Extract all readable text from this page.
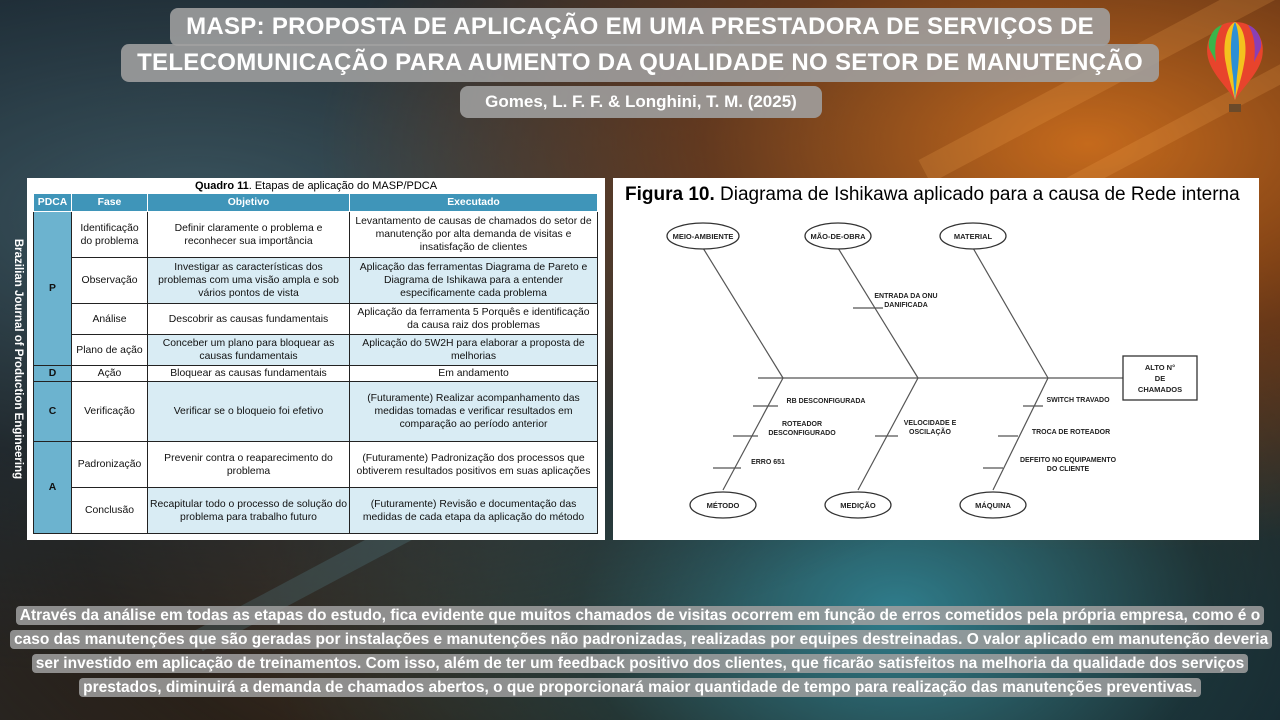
MASP: PROPOSTA DE APLICAÇÃO EM UMA PRESTADORA DE SERVIÇOS DE
TELECOMUNICAÇÃO PARA AUMENTO DA QUALIDADE NO SETOR DE MANUTENÇÃO
Gomes, L. F. F. & Longhini, T. M. (2025)
Brazilian Journal of Production Engineering
Quadro 11. Etapas de aplicação do MASP/PDCA
PDCA	Fase	Objetivo	Executado
P	Identificação do problema	Definir claramente o problema e reconhecer sua importância	Levantamento de causas de chamados do setor de manutenção por alta demanda de visitas e insatisfação de clientes
	Observação	Investigar as características dos problemas com uma visão ampla e sob vários pontos de vista	Aplicação das ferramentas Diagrama de Pareto e Diagrama de Ishikawa para a entender especificamente cada problema
	Análise	Descobrir as causas fundamentais	Aplicação da ferramenta 5 Porquês e identificação da causa raiz dos problemas
	Plano de ação	Conceber um plano para bloquear as causas fundamentais	Aplicação do 5W2H para elaborar a proposta de melhorias
D	Ação	Bloquear as causas fundamentais	Em andamento
C	Verificação	Verificar se o bloqueio foi efetivo	(Futuramente) Realizar acompanhamento das medidas tomadas e verificar resultados em comparação ao período anterior
A	Padronização	Prevenir contra o reaparecimento do problema	(Futuramente) Padronização dos processos que obtiverem resultados positivos em suas aplicações
	Conclusão	Recapitular todo o processo de solução do problema para trabalho futuro	(Futuramente) Revisão e documentação das medidas de cada etapa da aplicação do método
Figura 10. Diagrama de Ishikawa aplicado para a causa de Rede interna
MEIO-AMBIENTE	MÃO-DE-OBRA	MATERIAL
MÉTODO	MEDIÇÃO	MÁQUINA
ALTO N°
DE
CHAMADOS
ENTRADA DA ONU
DANIFICADA
RB DESCONFIGURADA
ROTEADOR
DESCONFIGURADO
ERRO 651
VELOCIDADE E
OSCILAÇÃO
SWITCH TRAVADO
TROCA DE ROTEADOR
DEFEITO NO EQUIPAMENTO
DO CLIENTE
Através da análise em todas as etapas do estudo, fica evidente que muitos chamados de visitas ocorrem em função de erros cometidos pela própria empresa, como é o caso das manutenções que são geradas por instalações e manutenções não padronizadas, realizadas por equipes destreinadas. O valor aplicado em manutenção deveria ser investido em aplicação de treinamentos. Com isso, além de ter um feedback positivo dos clientes, que ficarão satisfeitos na melhoria da qualidade dos serviços prestados, diminuirá a demanda de chamados abertos, o que proporcionará maior quantidade de tempo para realização das manutenções preventivas.
